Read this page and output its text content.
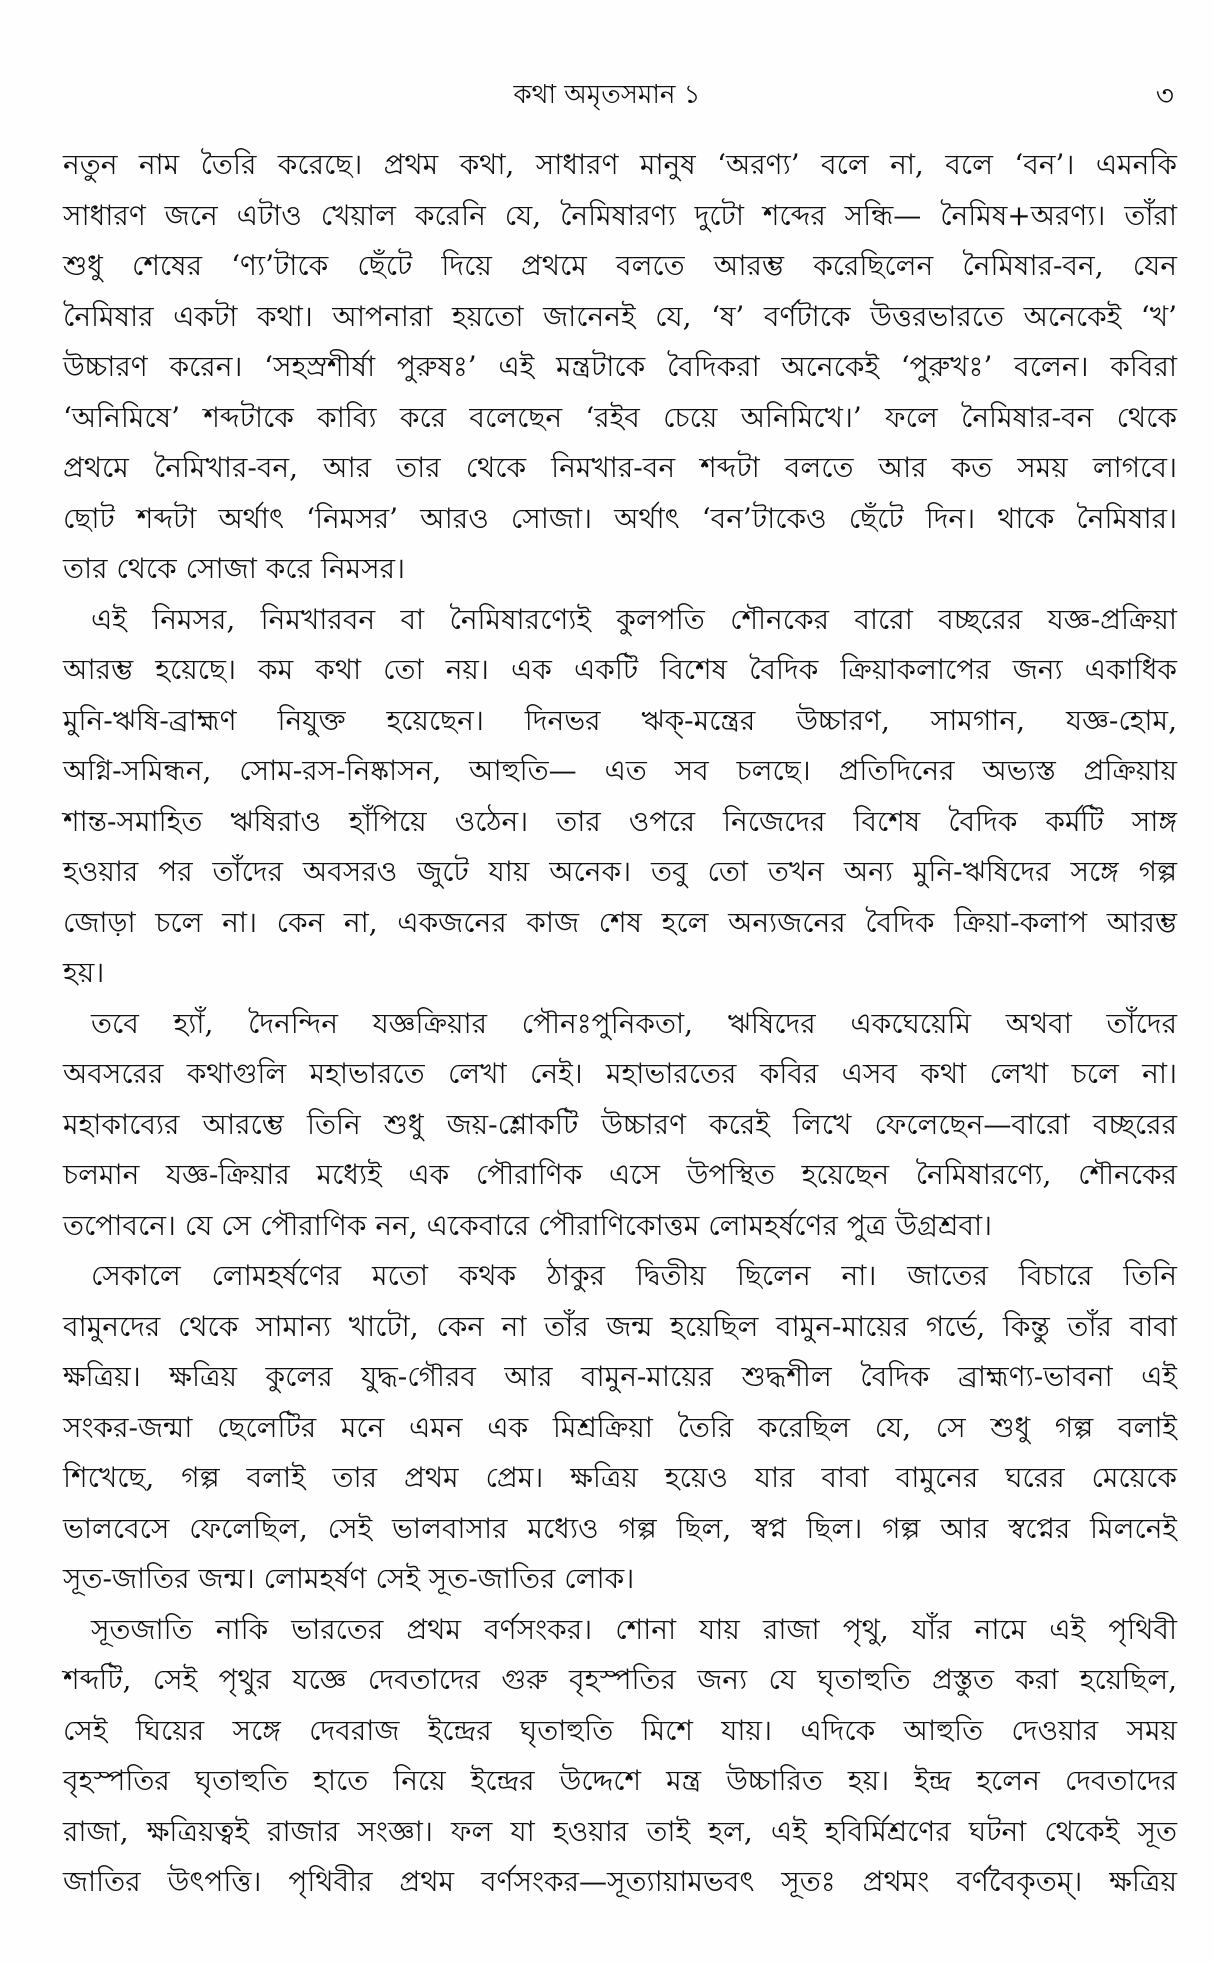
কথা অমৃতসমান ১	৩
নতুন নাম তৈরি করেছে। প্রথম কথা, সাধারণ মানুষ ‘অরণ্য’ বলে না, বলে ‘বন’। এমনকি
সাধারণ জনে এটাও খেয়াল করেনি যে, নৈমিষারণ্য দুটো শব্দের সন্ধি— নৈমিষ+অরণ্য। তাঁরা
শুধু শেষের ‘ণ্য’টাকে ছেঁটে দিয়ে প্রথমে বলতে আরম্ভ করেছিলেন নৈমিষার-বন, যেন
নৈমিষার একটা কথা। আপনারা হয়তো জানেনই যে, ‘ষ’ বর্ণটাকে উত্তরভারতে অনেকেই ‘খ’
উচ্চারণ করেন। ‘সহস্রশীর্ষা পুরুষঃ’ এই মন্ত্রটাকে বৈদিকরা অনেকেই ‘পুরুখঃ’ বলেন। কবিরা
‘অনিমিষে’ শব্দটাকে কাব্যি করে বলেছেন ‘রইব চেয়ে অনিমিখে।’ ফলে নৈমিষার-বন থেকে
প্রথমে নৈমিখার-বন, আর তার থেকে নিমখার-বন শব্দটা বলতে আর কত সময় লাগবে।
ছোট শব্দটা অর্থাৎ ‘নিমসর’ আরও সোজা। অর্থাৎ ‘বন’টাকেও ছেঁটে দিন। থাকে নৈমিষার।
তার থেকে সোজা করে নিমসর।
এই নিমসর, নিমখারবন বা নৈমিষারণ্যেই কুলপতি শৌনকের বারো বচ্ছরের যজ্ঞ-প্রক্রিয়া
আরম্ভ হয়েছে। কম কথা তো নয়। এক একটি বিশেষ বৈদিক ক্রিয়াকলাপের জন্য একাধিক
মুনি-ঋষি-ব্রাহ্মণ নিযুক্ত হয়েছেন। দিনভর ঋক্-মন্ত্রের উচ্চারণ, সামগান, যজ্ঞ-হোম,
অগ্নি-সমিন্ধন, সোম-রস-নিষ্কাসন, আহুতি— এত সব চলছে। প্রতিদিনের অভ্যস্ত প্রক্রিয়ায়
শান্ত-সমাহিত ঋষিরাও হাঁপিয়ে ওঠেন। তার ওপরে নিজেদের বিশেষ বৈদিক কর্মটি সাঙ্গ
হওয়ার পর তাঁদের অবসরও জুটে যায় অনেক। তবু তো তখন অন্য মুনি-ঋষিদের সঙ্গে গল্প
জোড়া চলে না। কেন না, একজনের কাজ শেষ হলে অন্যজনের বৈদিক ক্রিয়া-কলাপ আরম্ভ
হয়।
তবে হ্যাঁ, দৈনন্দিন যজ্ঞক্রিয়ার পৌনঃপুনিকতা, ঋষিদের একঘেয়েমি অথবা তাঁদের
অবসরের কথাগুলি মহাভারতে লেখা নেই। মহাভারতের কবির এসব কথা লেখা চলে না।
মহাকাব্যের আরম্ভে তিনি শুধু জয়-শ্লোকটি উচ্চারণ করেই লিখে ফেলেছেন—বারো বচ্ছরের
চলমান যজ্ঞ-ক্রিয়ার মধ্যেই এক পৌরাণিক এসে উপস্থিত হয়েছেন নৈমিষারণ্যে, শৌনকের
তপোবনে। যে সে পৌরাণিক নন, একেবারে পৌরাণিকোত্তম লোমহর্ষণের পুত্র উগ্রশ্রবা।
সেকালে লোমহর্ষণের মতো কথক ঠাকুর দ্বিতীয় ছিলেন না। জাতের বিচারে তিনি
বামুনদের থেকে সামান্য খাটো, কেন না তাঁর জন্ম হয়েছিল বামুন-মায়ের গর্ভে, কিন্তু তাঁর বাবা
ক্ষত্রিয়। ক্ষত্রিয় কুলের যুদ্ধ-গৌরব আর বামুন-মায়ের শুদ্ধশীল বৈদিক ব্রাহ্মণ্য-ভাবনা এই
সংকর-জন্মা ছেলেটির মনে এমন এক মিশ্রক্রিয়া তৈরি করেছিল যে, সে শুধু গল্প বলাই
শিখেছে, গল্প বলাই তার প্রথম প্রেম। ক্ষত্রিয় হয়েও যার বাবা বামুনের ঘরের মেয়েকে
ভালবেসে ফেলেছিল, সেই ভালবাসার মধ্যেও গল্প ছিল, স্বপ্ন ছিল। গল্প আর স্বপ্নের মিলনেই
সূত-জাতির জন্ম। লোমহর্ষণ সেই সূত-জাতির লোক।
সূতজাতি নাকি ভারতের প্রথম বর্ণসংকর। শোনা যায় রাজা পৃথু, যাঁর নামে এই পৃথিবী
শব্দটি, সেই পৃথুর যজ্ঞে দেবতাদের গুরু বৃহস্পতির জন্য যে ঘৃতাহুতি প্রস্তুত করা হয়েছিল,
সেই ঘিয়ের সঙ্গে দেবরাজ ইন্দ্রের ঘৃতাহুতি মিশে যায়। এদিকে আহুতি দেওয়ার সময়
বৃহস্পতির ঘৃতাহুতি হাতে নিয়ে ইন্দ্রের উদ্দেশে মন্ত্র উচ্চারিত হয়। ইন্দ্র হলেন দেবতাদের
রাজা, ক্ষত্রিয়ত্বই রাজার সংজ্ঞা। ফল যা হওয়ার তাই হল, এই হবির্মিশ্রণের ঘটনা থেকেই সূত
জাতির উৎপত্তি। পৃথিবীর প্রথম বর্ণসংকর—সূত্যায়ামভবৎ সূতঃ প্রথমং বর্ণবৈকৃতম্। ক্ষত্রিয়
